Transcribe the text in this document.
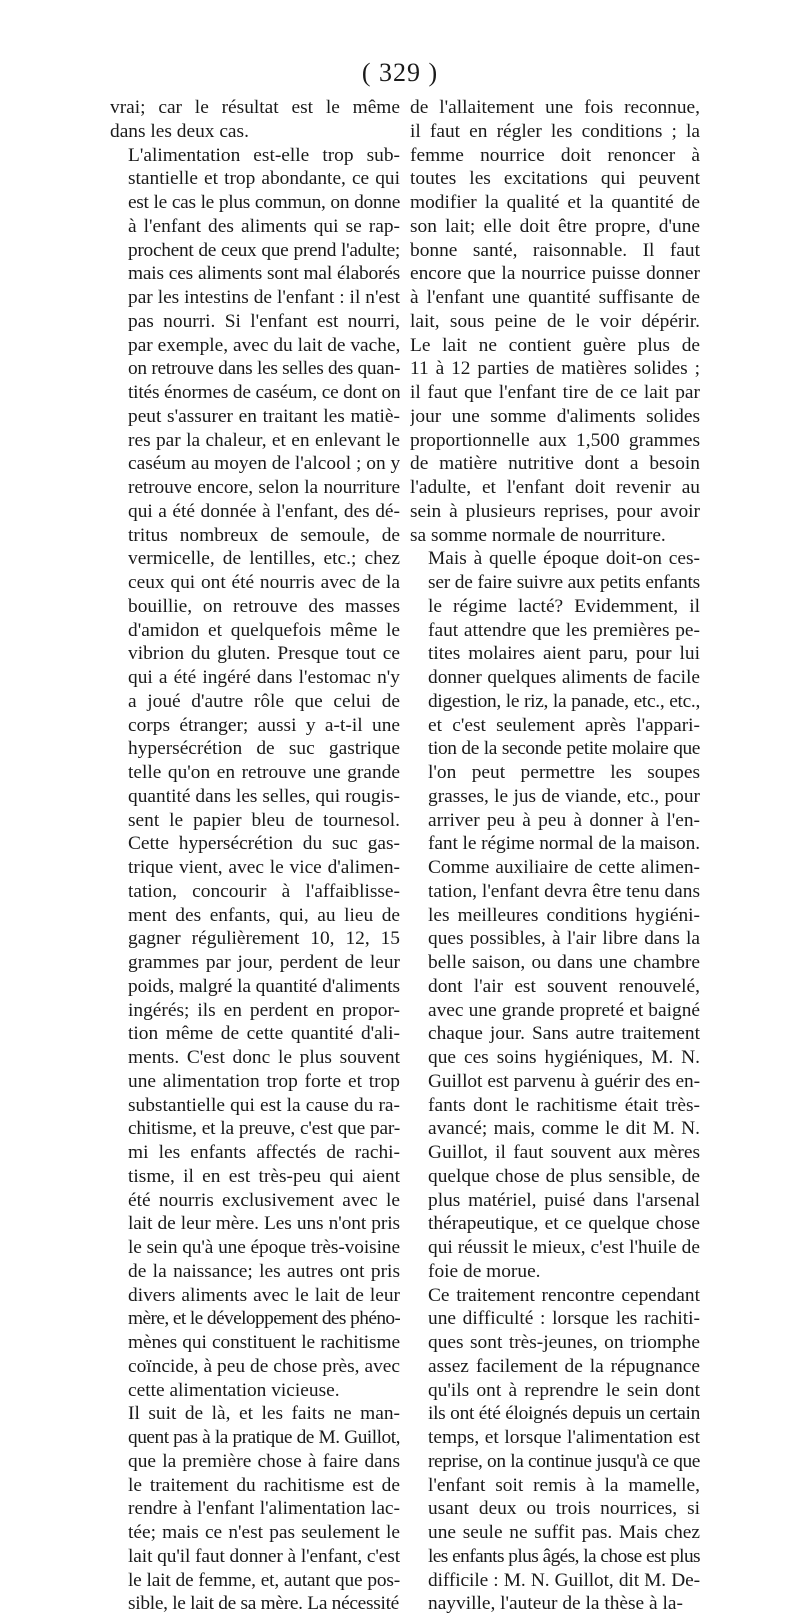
( 329 )

vrai; car le résultat est le même
dans les deux cas.

L'alimentation est-elle trop sub-
stantielle et trop abondante, ce qui
est le cas le plus commun, on donne
à l'enfant des aliments qui se rap-
prochent de ceux que prend l'adulte;
mais ces aliments sont mal élaborés
par les intestins de l'enfant : il n'est
pas nourri. Si l'enfant est nourri,
par exemple, avec du lait de vache,
on retrouve dans les selles des quan-
tités énormes de caséum, ce dont on
peut s'assurer en traitant les matiè-
res par la chaleur, et en enlevant le
caséum au moyen de l'alcool ; on y
retrouve encore, selon la nourriture
qui a été donnée à l'enfant, des dé-
tritus nombreux de semoule, de
vermicelle, de lentilles, etc.; chez
ceux qui ont été nourris avec de la
bouillie, on retrouve des masses
d'amidon et quelquefois même le
vibrion du gluten. Presque tout ce
qui a été ingéré dans l'estomac n'y
a joué d'autre rôle que celui de
corps étranger; aussi y a-t-il une
hypersécrétion de suc gastrique
telle qu'on en retrouve une grande
quantité dans les selles, qui rougis-
sent le papier bleu de tournesol.
Cette hypersécrétion du suc gas-
trique vient, avec le vice d'alimen-
tation, concourir à l'affaiblisse-
ment des enfants, qui, au lieu de
gagner régulièrement 10, 12, 15
grammes par jour, perdent de leur
poids, malgré la quantité d'aliments
ingérés; ils en perdent en propor-
tion même de cette quantité d'ali-
ments. C'est donc le plus souvent
une alimentation trop forte et trop
substantielle qui est la cause du ra-
chitisme, et la preuve, c'est que par-
mi les enfants affectés de rachi-
tisme, il en est très-peu qui aient
été nourris exclusivement avec le
lait de leur mère. Les uns n'ont pris
le sein qu'à une époque très-voisine
de la naissance; les autres ont pris
divers aliments avec le lait de leur
mère, et le développement des phéno-
mènes qui constituent le rachitisme
coïncide, à peu de chose près, avec
cette alimentation vicieuse.

Il suit de là, et les faits ne man-
quent pas à la pratique de M. Guillot,
que la première chose à faire dans
le traitement du rachitisme est de
rendre à l'enfant l'alimentation lac-
tée; mais ce n'est pas seulement le
lait qu'il faut donner à l'enfant, c'est
le lait de femme, et, autant que pos-
sible, le lait de sa mère. La nécessité

de l'allaitement une fois reconnue,
il faut en régler les conditions ; la
femme nourrice doit renoncer à
toutes les excitations qui peuvent
modifier la qualité et la quantité de
son lait; elle doit être propre, d'une
bonne santé, raisonnable. Il faut
encore que la nourrice puisse donner
à l'enfant une quantité suffisante de
lait, sous peine de le voir dépérir.
Le lait ne contient guère plus de
11 à 12 parties de matières solides ;
il faut que l'enfant tire de ce lait par
jour une somme d'aliments solides
proportionnelle aux 1,500 grammes
de matière nutritive dont a besoin
l'adulte, et l'enfant doit revenir au
sein à plusieurs reprises, pour avoir
sa somme normale de nourriture.

Mais à quelle époque doit-on ces-
ser de faire suivre aux petits enfants
le régime lacté? Evidemment, il
faut attendre que les premières pe-
tites molaires aient paru, pour lui
donner quelques aliments de facile
digestion, le riz, la panade, etc., etc.,
et c'est seulement après l'appari-
tion de la seconde petite molaire que
l'on peut permettre les soupes
grasses, le jus de viande, etc., pour
arriver peu à peu à donner à l'en-
fant le régime normal de la maison.
Comme auxiliaire de cette alimen-
tation, l'enfant devra être tenu dans
les meilleures conditions hygiéni-
ques possibles, à l'air libre dans la
belle saison, ou dans une chambre
dont l'air est souvent renouvelé,
avec une grande propreté et baigné
chaque jour. Sans autre traitement
que ces soins hygiéniques, M. N.
Guillot est parvenu à guérir des en-
fants dont le rachitisme était très-
avancé; mais, comme le dit M. N.
Guillot, il faut souvent aux mères
quelque chose de plus sensible, de
plus matériel, puisé dans l'arsenal
thérapeutique, et ce quelque chose
qui réussit le mieux, c'est l'huile de
foie de morue.

Ce traitement rencontre cependant
une difficulté : lorsque les rachiti-
ques sont très-jeunes, on triomphe
assez facilement de la répugnance
qu'ils ont à reprendre le sein dont
ils ont été éloignés depuis un certain
temps, et lorsque l'alimentation est
reprise, on la continue jusqu'à ce que
l'enfant soit remis à la mamelle,
usant deux ou trois nourrices, si
une seule ne suffit pas. Mais chez
les enfants plus âgés, la chose est plus
difficile : M. N. Guillot, dit M. De-
nayville, l'auteur de la thèse à la-
